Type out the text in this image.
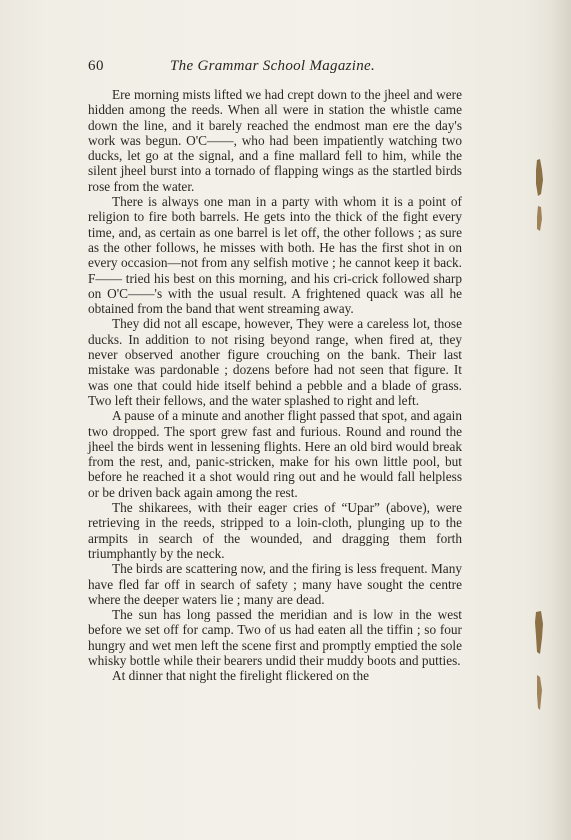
60	The Grammar School Magazine.

Ere morning mists lifted we had crept down to the jheel and were hidden among the reeds. When all were in station the whistle came down the line, and it barely reached the endmost man ere the day's work was begun. O'C——, who had been impatiently watching two ducks, let go at the signal, and a fine mallard fell to him, while the silent jheel burst into a tornado of flapping wings as the startled birds rose from the water.

There is always one man in a party with whom it is a point of religion to fire both barrels. He gets into the thick of the fight every time, and, as certain as one barrel is let off, the other follows ; as sure as the other follows, he misses with both. He has the first shot in on every occasion—not from any selfish motive ; he cannot keep it back. F—— tried his best on this morning, and his cri-crick followed sharp on O'C——'s with the usual result. A frightened quack was all he obtained from the band that went streaming away.

They did not all escape, however, They were a careless lot, those ducks. In addition to not rising beyond range, when fired at, they never observed another figure crouching on the bank. Their last mistake was pardonable ; dozens before had not seen that figure. It was one that could hide itself behind a pebble and a blade of grass. Two left their fellows, and the water splashed to right and left.

A pause of a minute and another flight passed that spot, and again two dropped. The sport grew fast and furious. Round and round the jheel the birds went in lessening flights. Here an old bird would break from the rest, and, panic-stricken, make for his own little pool, but before he reached it a shot would ring out and he would fall helpless or be driven back again among the rest.

The shikarees, with their eager cries of “Upar” (above), were retrieving in the reeds, stripped to a loin-cloth, plunging up to the armpits in search of the wounded, and dragging them forth triumphantly by the neck.

The birds are scattering now, and the firing is less frequent. Many have fled far off in search of safety ; many have sought the centre where the deeper waters lie ; many are dead.

The sun has long passed the meridian and is low in the west before we set off for camp. Two of us had eaten all the tiffin ; so four hungry and wet men left the scene first and promptly emptied the sole whisky bottle while their bearers undid their muddy boots and putties.

At dinner that night the firelight flickered on the
